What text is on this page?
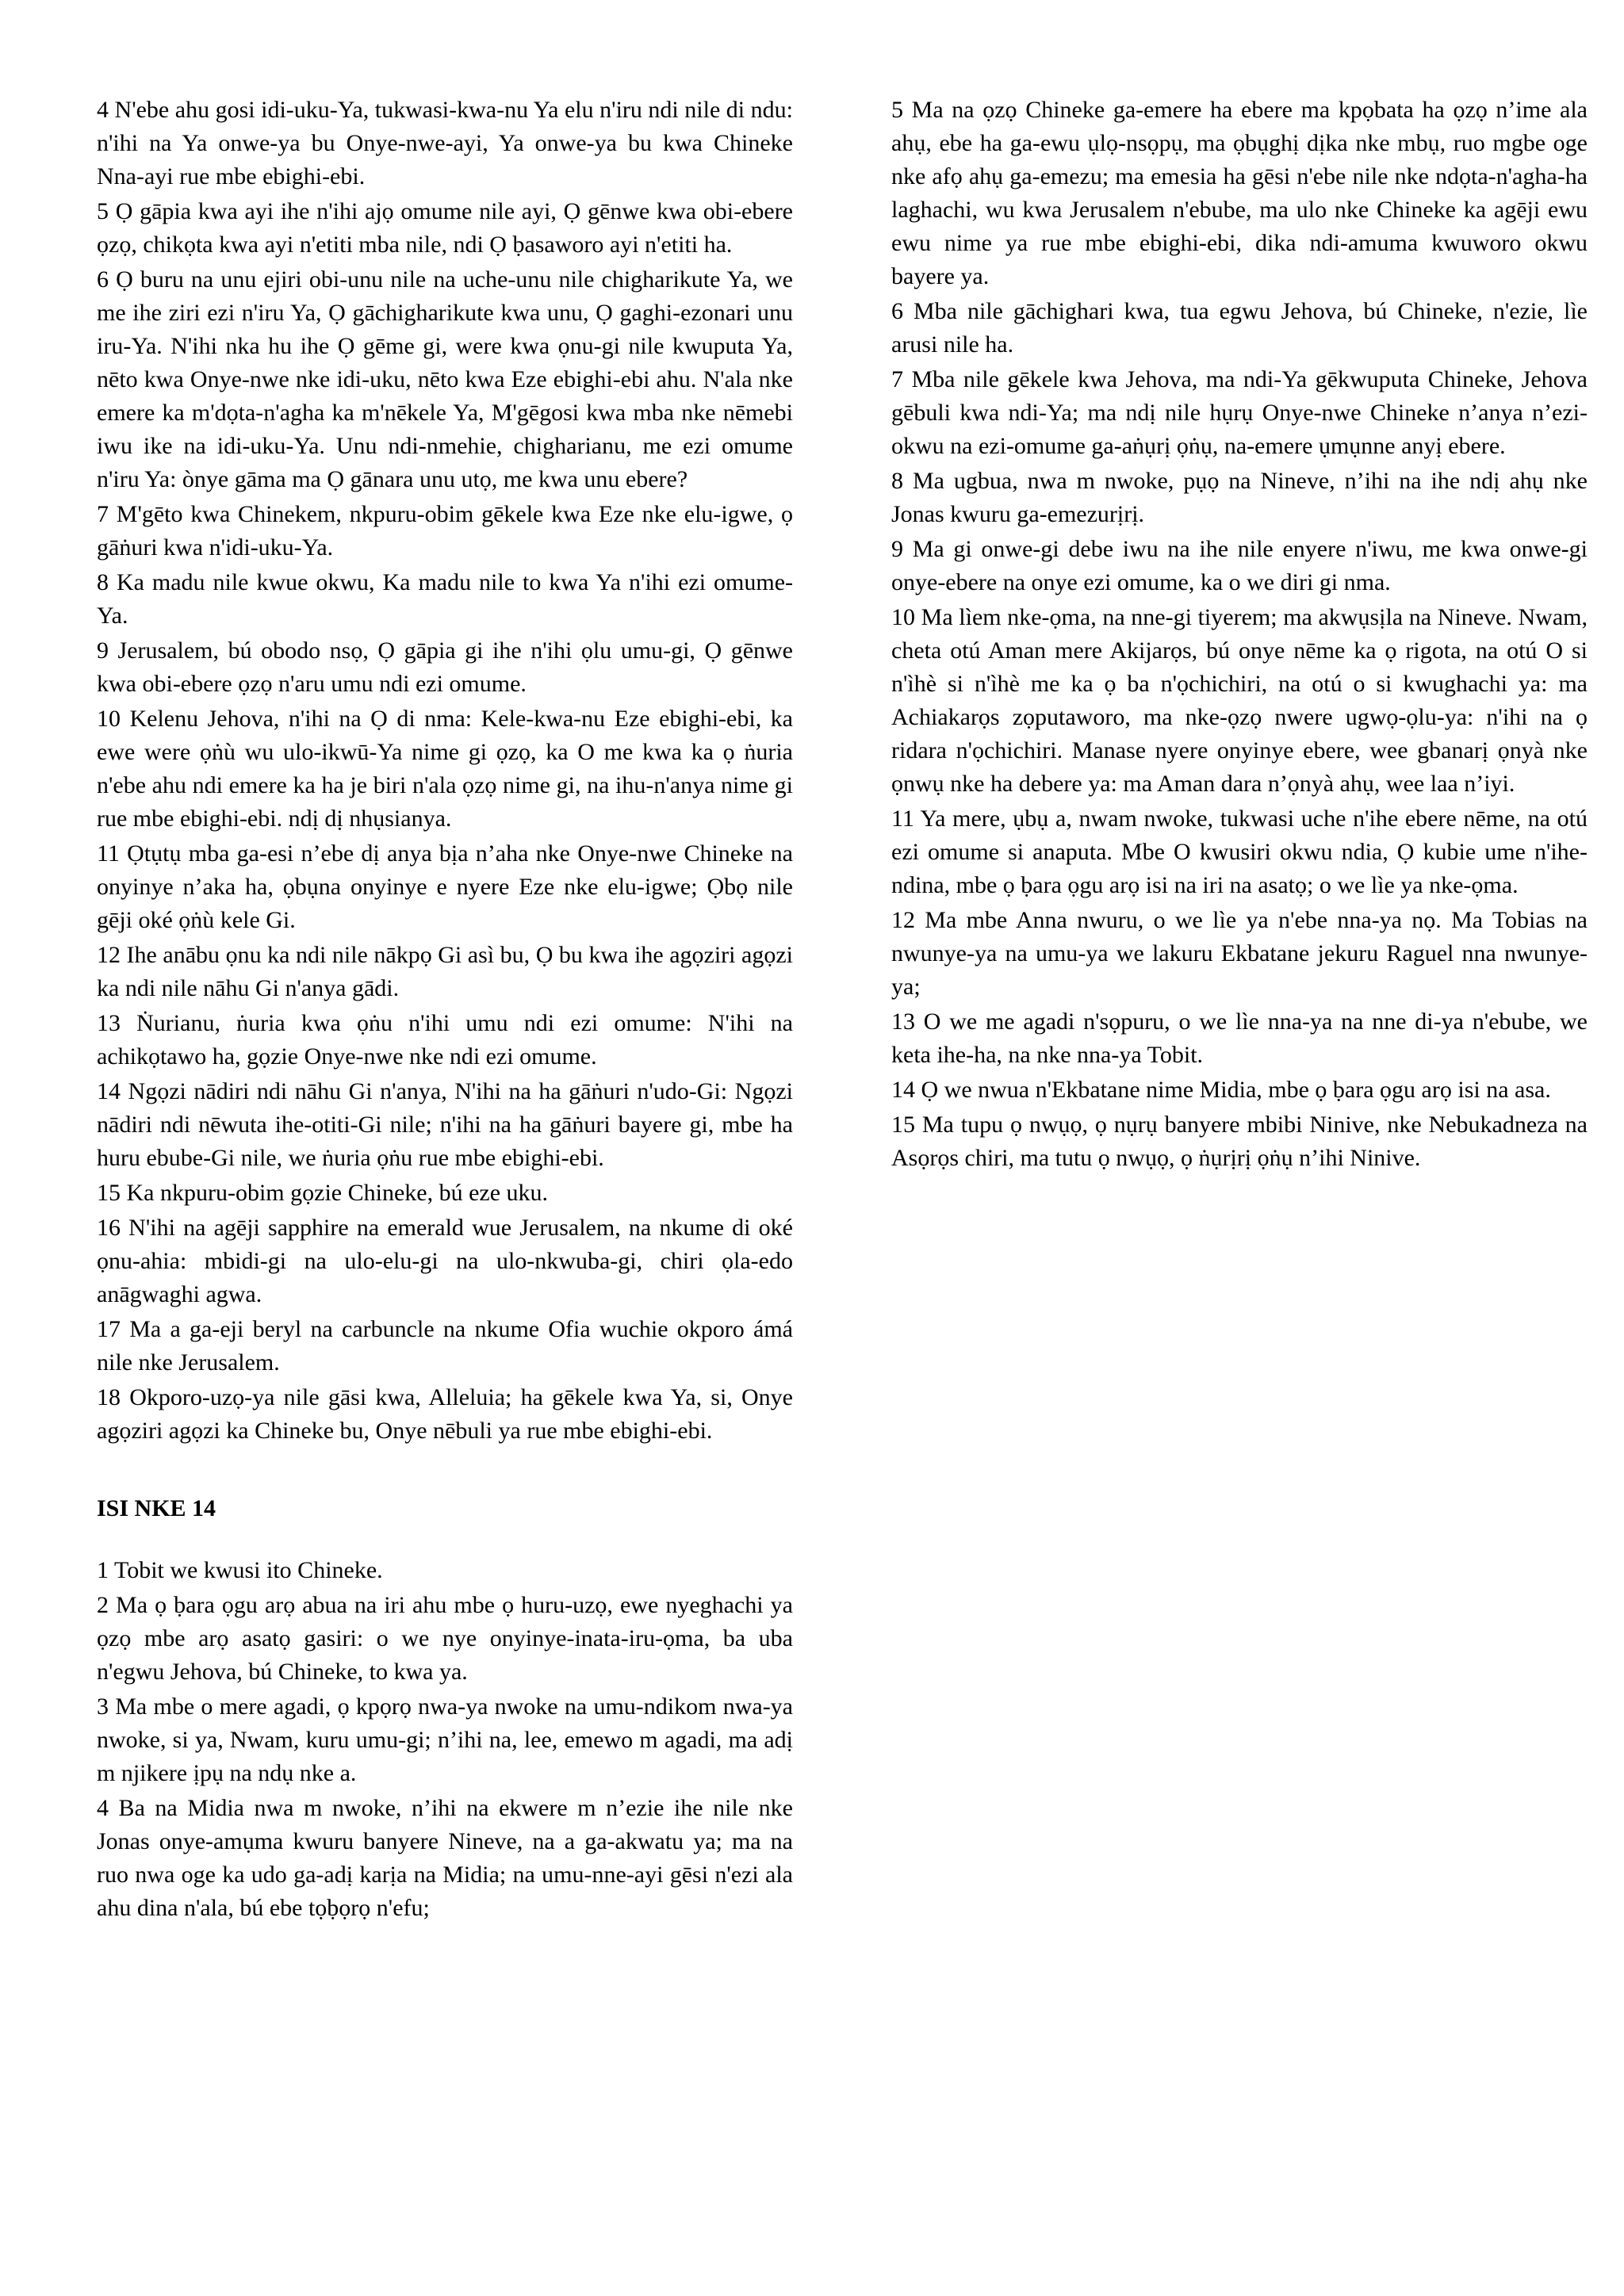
4 N'ebe ahu gosi idi-uku-Ya, tukwasi-kwa-nu Ya elu n'iru ndi nile di ndu: n'ihi na Ya onwe-ya bu Onye-nwe-ayi, Ya onwe-ya bu kwa Chineke Nna-ayi rue mbe ebighi-ebi.

5 Ọ gāpia kwa ayi ihe n'ihi ajọ omume nile ayi, Ọ gēnwe kwa obi-ebere ọzọ, chikọta kwa ayi n'etiti mba nile, ndi Ọ ḅasaworo ayi n'etiti ha.

6 Ọ buru na unu ejiri obi-unu nile na uche-unu nile chigharikute Ya, we me ihe ziri ezi n'iru Ya, Ọ gāchigharikute kwa unu, Ọ gaghi-ezonari unu iru-Ya. N'ihi nka hu ihe Ọ gēme gi, were kwa ọnu-gi nile kwuputa Ya, nēto kwa Onye-nwe nke idi-uku, nēto kwa Eze ebighi-ebi ahu. N'ala nke emere ka m'dọta-n'agha ka m'nēkele Ya, M'gēgosi kwa mba nke nēmebi iwu ike na idi-uku-Ya. Unu ndi-nmehie, chigharianu, me ezi omume n'iru Ya: ònye gāma ma Ọ gānara unu utọ, me kwa unu ebere?

7 M'gēto kwa Chinekem, nkpuru-obim gēkele kwa Eze nke elu-igwe, ọ gāṅuri kwa n'idi-uku-Ya.

8 Ka madu nile kwue okwu, Ka madu nile to kwa Ya n'ihi ezi omume-Ya.

9 Jerusalem, bú obodo nsọ, Ọ gāpia gi ihe n'ihi ọlu umu-gi, Ọ gēnwe kwa obi-ebere ọzọ n'aru umu ndi ezi omume.

10 Kelenu Jehova, n'ihi na Ọ di nma: Kele-kwa-nu Eze ebighi-ebi, ka ewe were ọṅù wu ulo-ikwū-Ya nime gi ọzọ, ka O me kwa ka ọ ṅuria n'ebe ahu ndi emere ka ha je biri n'ala ọzọ nime gi, na ihu-n'anya nime gi rue mbe ebighi-ebi. ndị dị nhụsianya.

11 Ọtụtụ mba ga-esi n’ebe dị anya bịa n’aha nke Onye-nwe Chineke na onyinye n’aka ha, ọbụna onyinye e nyere Eze nke elu-igwe; Ọbọ nile gēji oké ọṅù kele Gi.

12 Ihe anābu ọnu ka ndi nile nākpọ Gi asì bu, Ọ bu kwa ihe agọziri agọzi ka ndi nile nāhu Gi n'anya gādi.

13 Ṅurianu, ṅuria kwa ọṅu n'ihi umu ndi ezi omume: N'ihi na achikọtawo ha, gọzie Onye-nwe nke ndi ezi omume.

14 Ngọzi nādiri ndi nāhu Gi n'anya, N'ihi na ha gāṅuri n'udo-Gi: Ngọzi nādiri ndi nēwuta ihe-otiti-Gi nile; n'ihi na ha gāṅuri bayere gi, mbe ha huru ebube-Gi nile, we ṅuria ọṅu rue mbe ebighi-ebi.

15 Ka nkpuru-obim gọzie Chineke, bú eze uku.

16 N'ihi na agēji sapphire na emerald wue Jerusalem, na nkume di oké ọnu-ahia: mbidi-gi na ulo-elu-gi na ulo-nkwuba-gi, chiri ọla-edo anāgwaghi agwa.

17 Ma a ga-eji beryl na carbuncle na nkume Ofia wuchie okporo ámá nile nke Jerusalem.

18 Okporo-uzọ-ya nile gāsi kwa, Alleluia; ha gēkele kwa Ya, si, Onye agọziri agọzi ka Chineke bu, Onye nēbuli ya rue mbe ebighi-ebi.

ISI NKE 14

1 Tobit we kwusi ito Chineke.

2 Ma ọ ḅara ọgu arọ abua na iri ahu mbe ọ huru-uzọ, ewe nyeghachi ya ọzọ mbe arọ asatọ gasiri: o we nye onyinye-inata-iru-ọma, ba uba n'egwu Jehova, bú Chineke, to kwa ya.

3 Ma mbe o mere agadi, ọ kpọrọ nwa-ya nwoke na umu-ndikom nwa-ya nwoke, si ya, Nwam, kuru umu-gi; n’ihi na, lee, emewo m agadi, ma adị m njikere ịpụ na ndụ nke a.

4 Ba na Midia nwa m nwoke, n’ihi na ekwere m n’ezie ihe nile nke Jonas onye-amụma kwuru banyere Nineve, na a ga-akwatu ya; ma na ruo nwa oge ka udo ga-adị karịa na Midia; na umu-nne-ayi gēsi n'ezi ala ahu dina n'ala, bú ebe tọḅọrọ n'efu;

5 Ma na ọzọ Chineke ga-emere ha ebere ma kpọbata ha ọzọ n’ime ala ahụ, ebe ha ga-ewu ụlọ-nsọpụ, ma ọbụghị dịka nke mbụ, ruo mgbe oge nke afọ ahụ ga-emezu; ma emesia ha gēsi n'ebe nile nke ndọta-n'agha-ha laghachi, wu kwa Jerusalem n'ebube, ma ulo nke Chineke ka agēji ewu ewu nime ya rue mbe ebighi-ebi, dika ndi-amuma kwuworo okwu bayere ya.

6 Mba nile gāchighari kwa, tua egwu Jehova, bú Chineke, n'ezie, lìe arusi nile ha.

7 Mba nile gēkele kwa Jehova, ma ndi-Ya gēkwuputa Chineke, Jehova gēbuli kwa ndi-Ya; ma ndị nile hụrụ Onye-nwe Chineke n’anya n’ezi-okwu na ezi-omume ga-aṅụrị ọṅụ, na-emere ụmụnne anyị ebere.

8 Ma ugbua, nwa m nwoke, pụọ na Nineve, n’ihi na ihe ndị ahụ nke Jonas kwuru ga-emezurịrị.

9 Ma gi onwe-gi debe iwu na ihe nile enyere n'iwu, me kwa onwe-gi onye-ebere na onye ezi omume, ka o we diri gi nma.

10 Ma lìem nke-ọma, na nne-gi tiyerem; ma akwụsịla na Nineve. Nwam, cheta otú Aman mere Akijarọs, bú onye nēme ka ọ rigota, na otú O si n'ìhè si n'ìhè me ka ọ ba n'ọchichiri, na otú o si kwughachi ya: ma Achiakarọs zọputaworo, ma nke-ọzọ nwere ugwọ-ọlu-ya: n'ihi na ọ ridara n'ọchichiri. Manase nyere onyinye ebere, wee gbanarị ọnyà nke ọnwụ nke ha debere ya: ma Aman dara n’ọnyà ahụ, wee laa n’iyi.

11 Ya mere, ụbụ a, nwam nwoke, tukwasi uche n'ihe ebere nēme, na otú ezi omume si anaputa. Mbe O kwusiri okwu ndia, Ọ kubie ume n'ihe-ndina, mbe ọ ḅara ọgu arọ isi na iri na asatọ; o we lìe ya nke-ọma.

12 Ma mbe Anna nwuru, o we lìe ya n'ebe nna-ya nọ. Ma Tobias na nwunye-ya na umu-ya we lakuru Ekbatane jekuru Raguel nna nwunye-ya;

13 O we me agadi n'sọpuru, o we lìe nna-ya na nne di-ya n'ebube, we keta ihe-ha, na nke nna-ya Tobit.

14 Ọ we nwua n'Ekbatane nime Midia, mbe ọ ḅara ọgu arọ isi na asa.

15 Ma tupu ọ nwụọ, ọ nụrụ banyere mbibi Ninive, nke Nebukadneza na Asọrọs chiri, ma tutu ọ nwụọ, ọ ṅụrịrị ọṅụ n’ihi Ninive.
